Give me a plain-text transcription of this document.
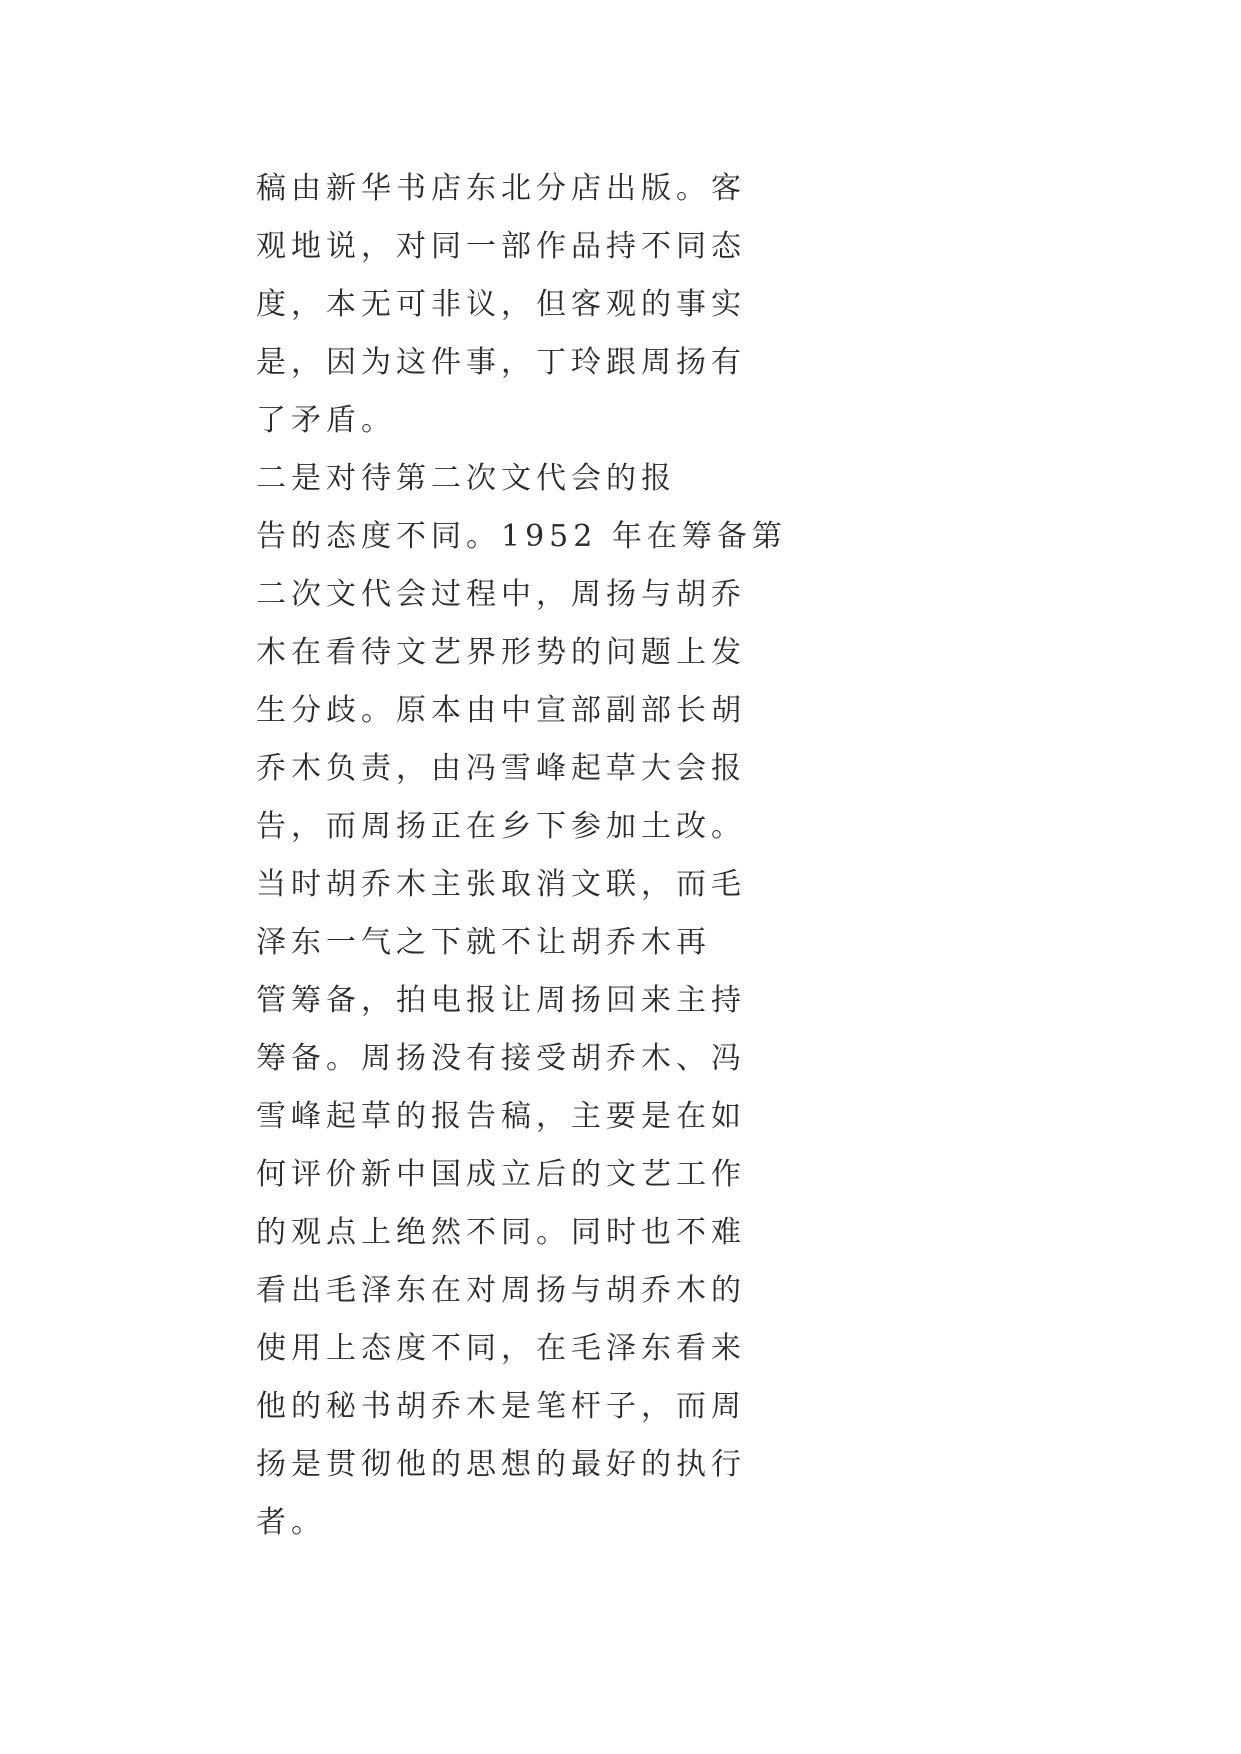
稿由新华书店东北分店出版。客
观地说，对同一部作品持不同态
度，本无可非议，但客观的事实
是，因为这件事，丁玲跟周扬有
了矛盾。
二是对待第二次文代会的报
告的态度不同。1952 年在筹备第
二次文代会过程中，周扬与胡乔
木在看待文艺界形势的问题上发
生分歧。原本由中宣部副部长胡
乔木负责，由冯雪峰起草大会报
告，而周扬正在乡下参加土改。
当时胡乔木主张取消文联，而毛
泽东一气之下就不让胡乔木再
管筹备，拍电报让周扬回来主持
筹备。周扬没有接受胡乔木、冯
雪峰起草的报告稿，主要是在如
何评价新中国成立后的文艺工作
的观点上绝然不同。同时也不难
看出毛泽东在对周扬与胡乔木的
使用上态度不同，在毛泽东看来
他的秘书胡乔木是笔杆子，而周
扬是贯彻他的思想的最好的执行
者。
